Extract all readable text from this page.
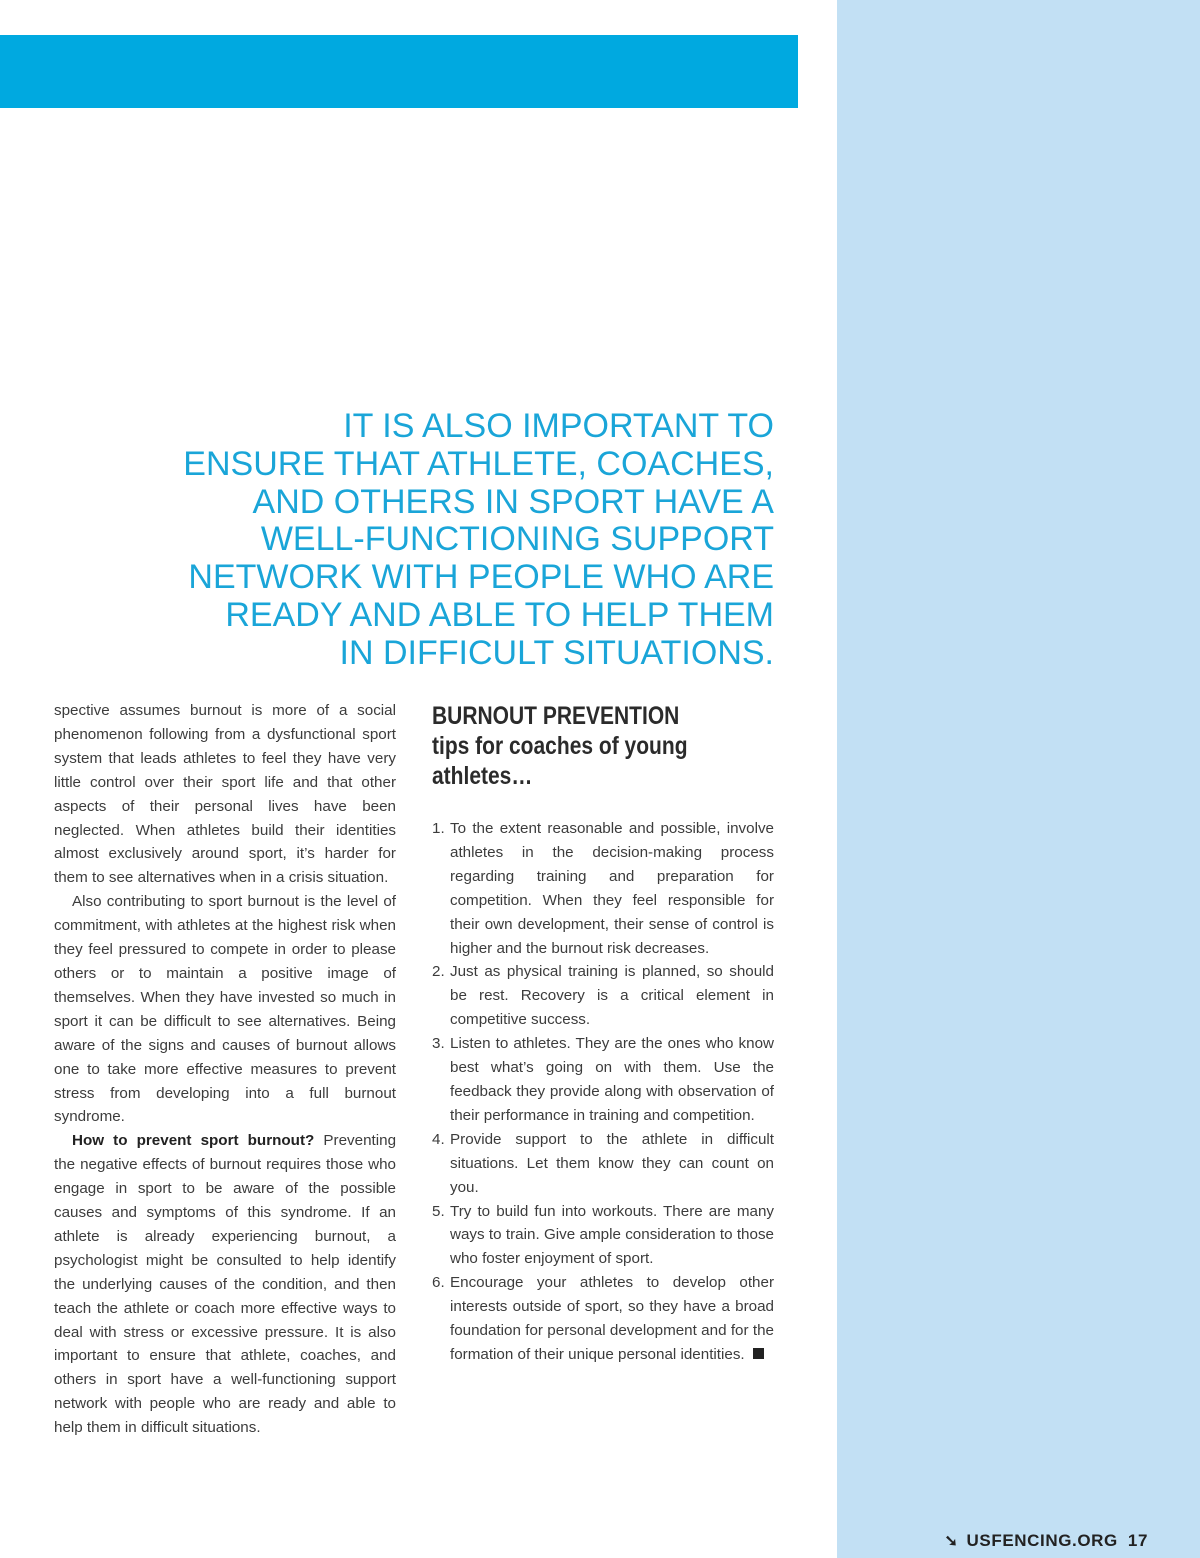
IT IS ALSO IMPORTANT TO
ENSURE THAT ATHLETE, COACHES,
AND OTHERS IN SPORT HAVE A
WELL-FUNCTIONING SUPPORT
NETWORK WITH PEOPLE WHO ARE
READY AND ABLE TO HELP THEM
IN DIFFICULT SITUATIONS.

spective assumes burnout is more of a social phenomenon following from a dysfunctional sport system that leads athletes to feel they have very little control over their sport life and that other aspects of their personal lives have been neglected. When athletes build their identities almost exclusively around sport, it’s harder for them to see alternatives when in a crisis situation.

Also contributing to sport burnout is the level of commitment, with athletes at the highest risk when they feel pressured to compete in order to please others or to maintain a positive image of themselves. When they have invested so much in sport it can be difficult to see alternatives. Being aware of the signs and causes of burnout allows one to take more effective measures to prevent stress from developing into a full burnout syndrome.

How to prevent sport burnout? Preventing the negative effects of burnout requires those who engage in sport to be aware of the possible causes and symptoms of this syndrome. If an athlete is already experiencing burnout, a psychologist might be consulted to help identify the underlying causes of the condition, and then teach the athlete or coach more effective ways to deal with stress or excessive pressure. It is also important to ensure that athlete, coaches, and others in sport have a well-functioning support network with people who are ready and able to help them in difficult situations.

BURNOUT PREVENTION
tips for coaches of young
athletes…
1. To the extent reasonable and possible, involve athletes in the decision-making process regarding training and preparation for competition. When they feel responsible for their own development, their sense of control is higher and the burnout risk decreases.
2. Just as physical training is planned, so should be rest. Recovery is a critical element in competitive success.
3. Listen to athletes. They are the ones who know best what’s going on with them. Use the feedback they provide along with observation of their performance in training and competition.
4. Provide support to the athlete in difficult situations. Let them know they can count on you.
5. Try to build fun into workouts. There are many ways to train. Give ample consideration to those who foster enjoyment of sport.
6. Encourage your athletes to develop other interests outside of sport, so they have a broad foundation for personal development and for the formation of their unique personal identities.
➘ USFENCING.ORG 17
